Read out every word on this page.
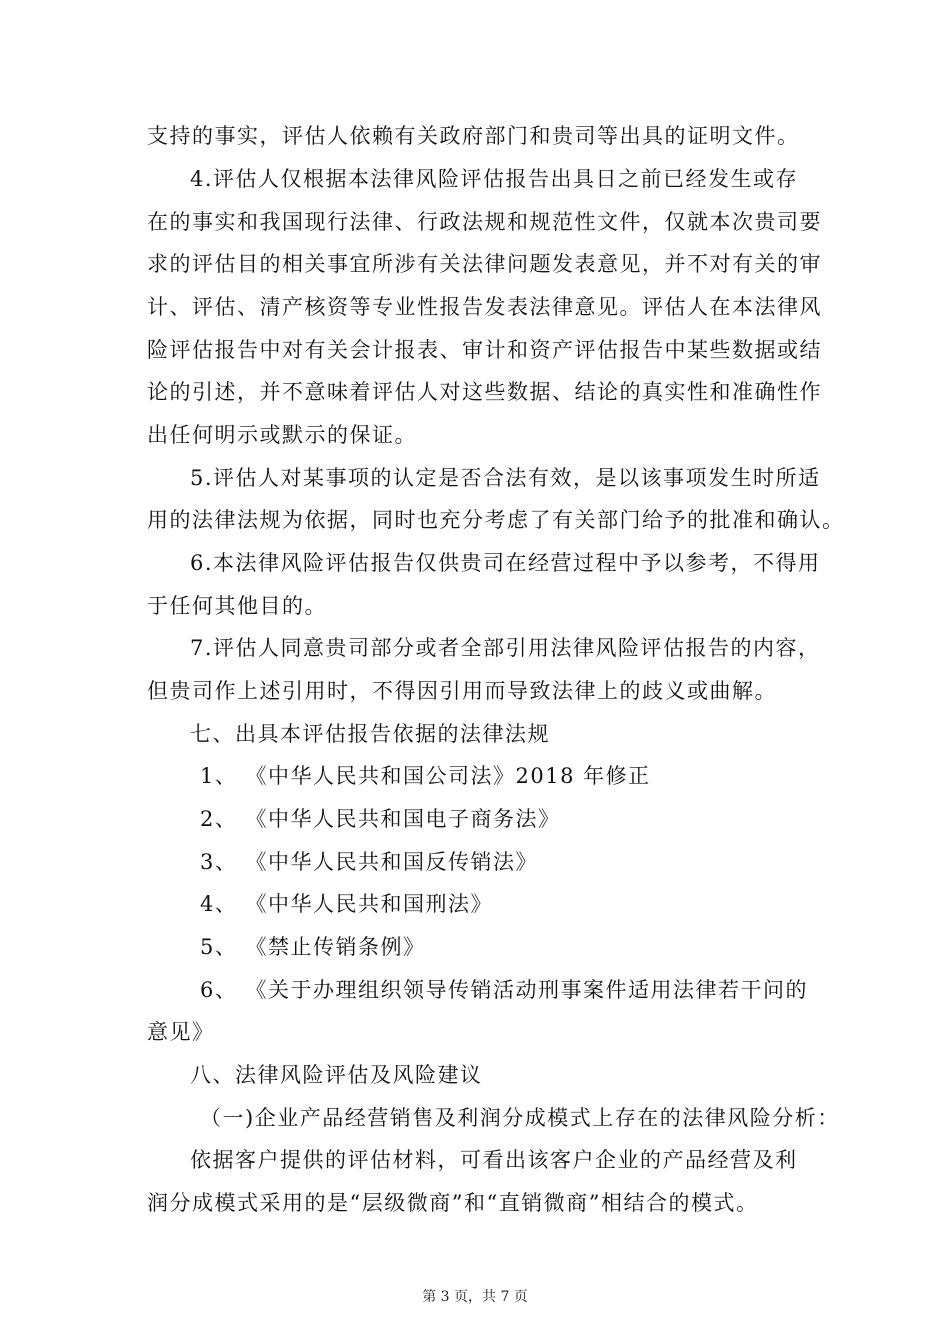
支持的事实，评估人依赖有关政府部门和贵司等出具的证明文件。
4.评估人仅根据本法律风险评估报告出具日之前已经发生或存
在的事实和我国现行法律、行政法规和规范性文件，仅就本次贵司要
求的评估目的相关事宜所涉有关法律问题发表意见，并不对有关的审
计、评估、清产核资等专业性报告发表法律意见。评估人在本法律风
险评估报告中对有关会计报表、审计和资产评估报告中某些数据或结
论的引述，并不意味着评估人对这些数据、结论的真实性和准确性作
出任何明示或默示的保证。
5.评估人对某事项的认定是否合法有效，是以该事项发生时所适
用的法律法规为依据，同时也充分考虑了有关部门给予的批准和确认。
6.本法律风险评估报告仅供贵司在经营过程中予以参考，不得用
于任何其他目的。
7.评估人同意贵司部分或者全部引用法律风险评估报告的内容，
但贵司作上述引用时，不得因引用而导致法律上的歧义或曲解。
七、出具本评估报告依据的法律法规
1、 《中华人民共和国公司法》2018 年修正
2、 《中华人民共和国电子商务法》
3、 《中华人民共和国反传销法》
4、 《中华人民共和国刑法》
5、 《禁止传销条例》
6、 《关于办理组织领导传销活动刑事案件适用法律若干问的
意见》
八、法律风险评估及风险建议
（一)企业产品经营销售及利润分成模式上存在的法律风险分析：
依据客户提供的评估材料，可看出该客户企业的产品经营及利
润分成模式采用的是“层级微商”和“直销微商”相结合的模式。
第 3 页，共 7 页
